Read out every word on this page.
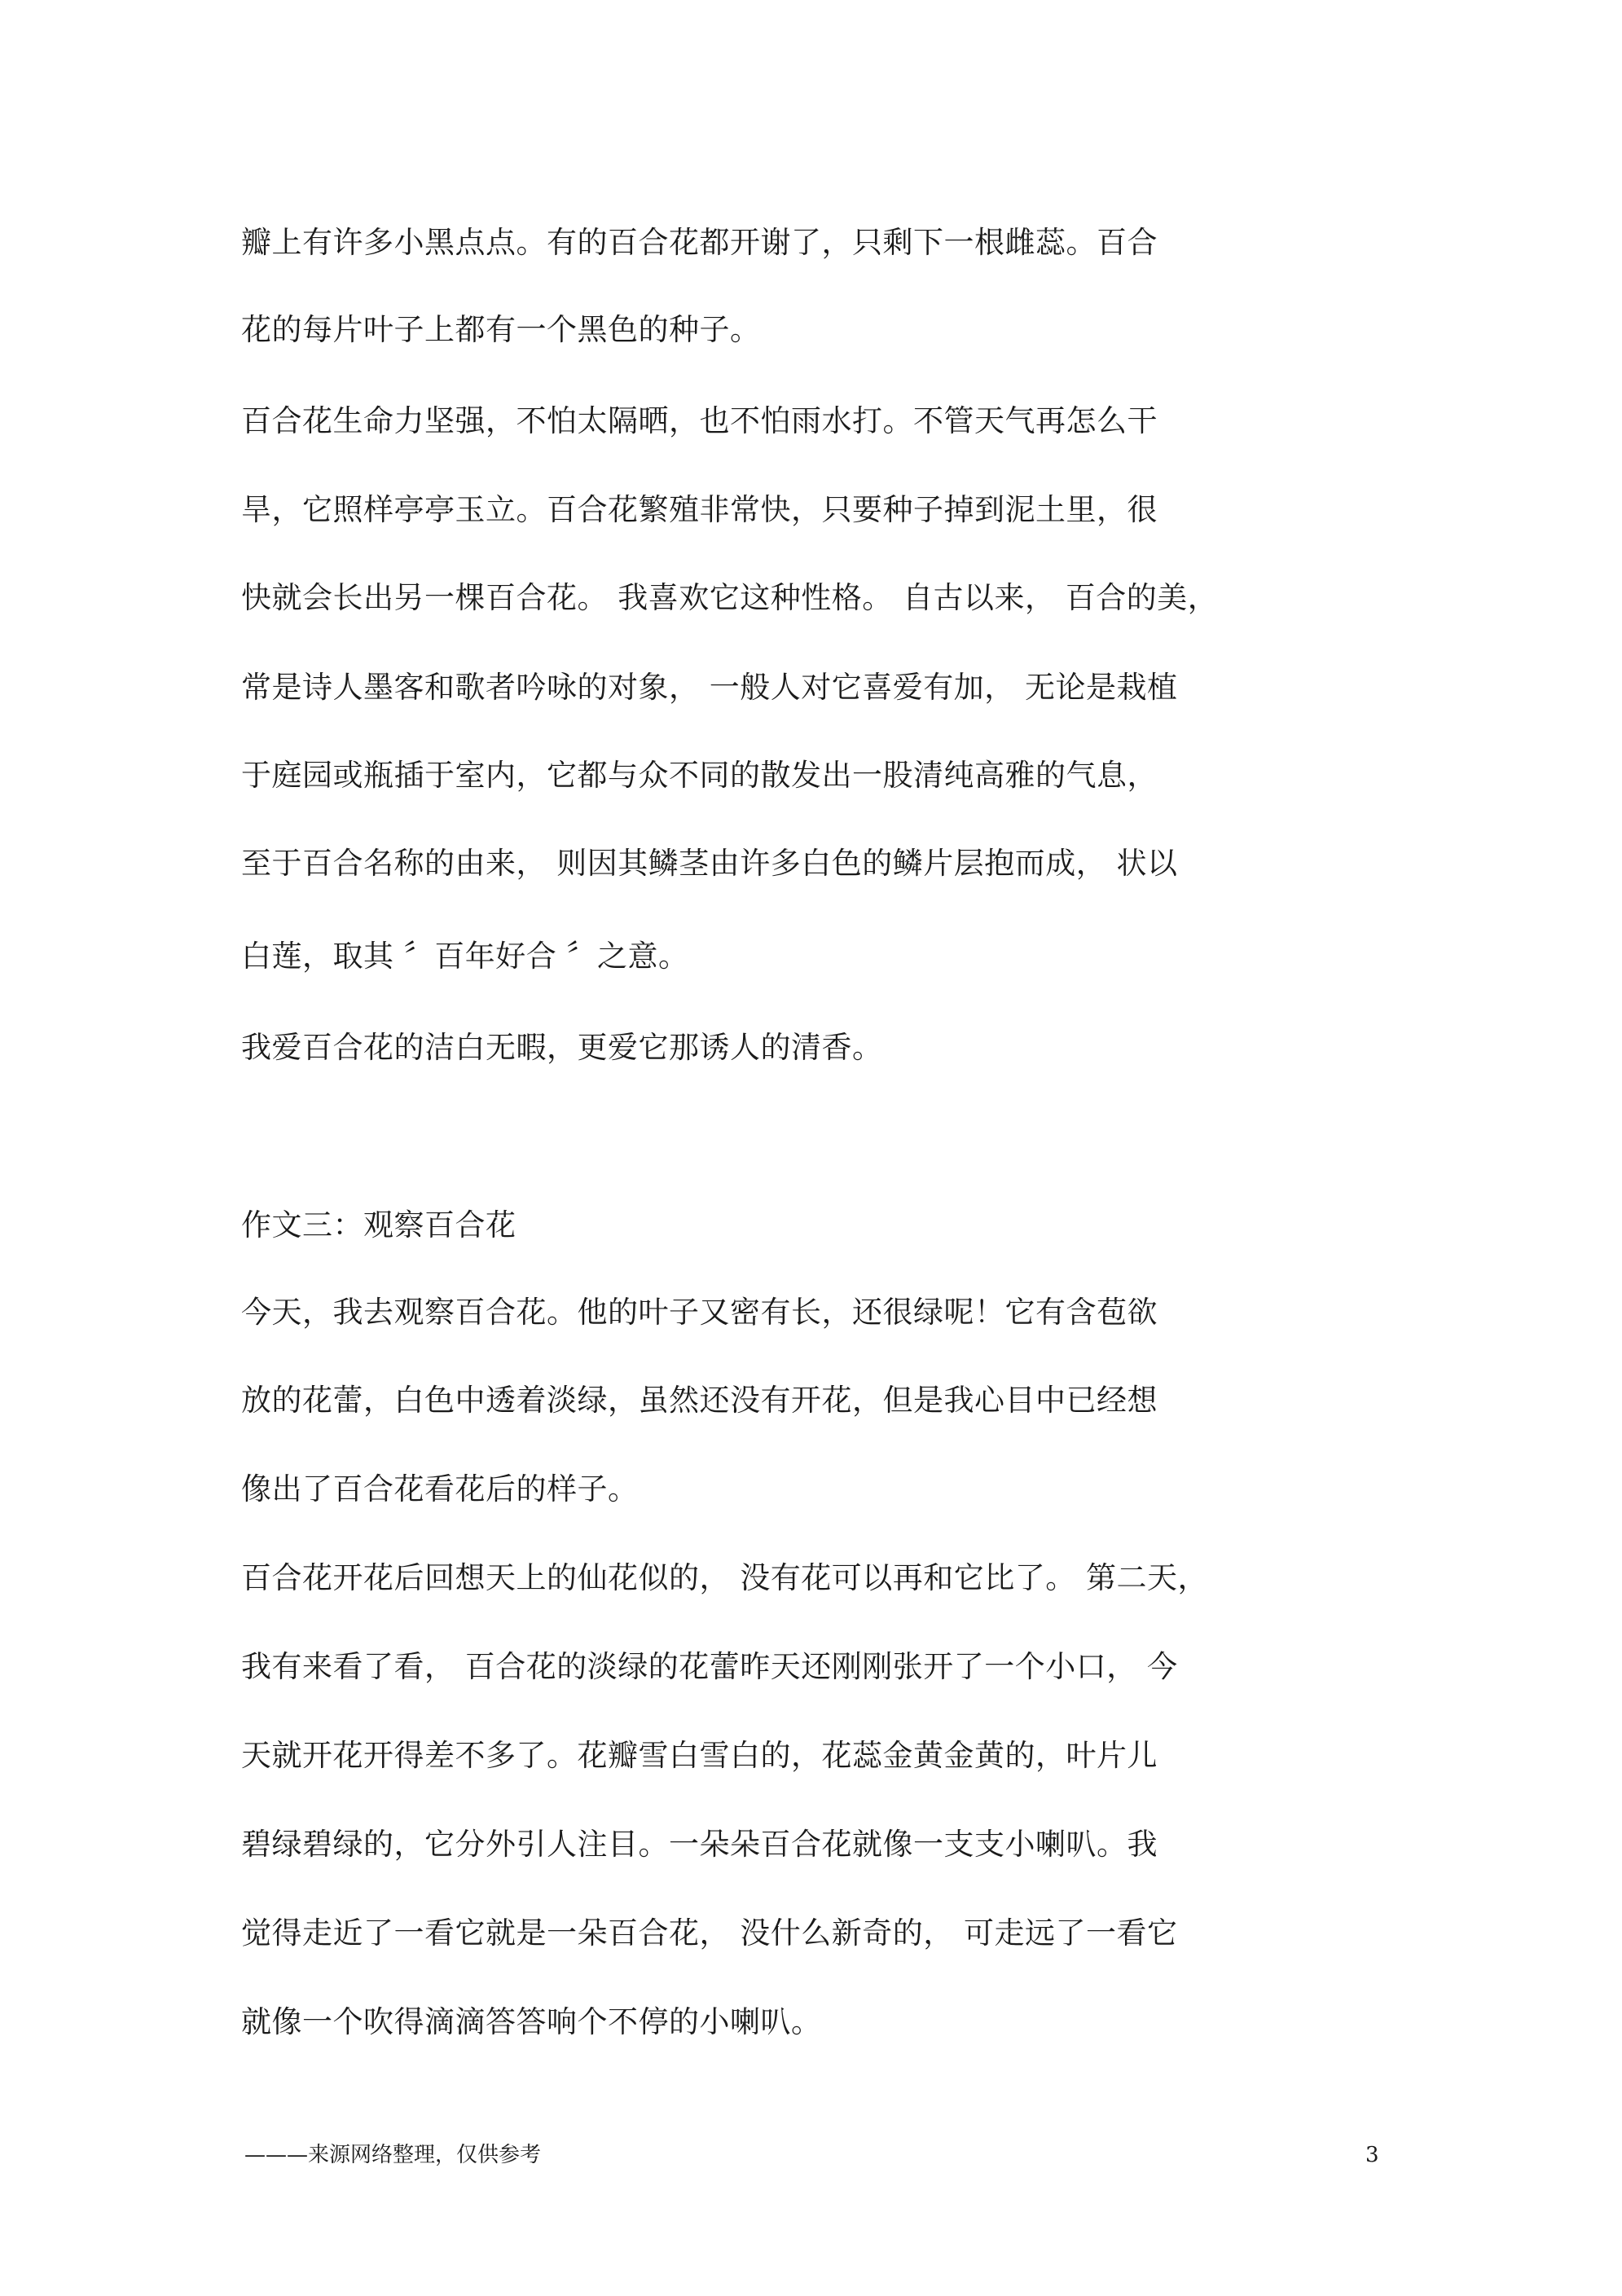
瓣上有许多小黑点点。有的百合花都开谢了，只剩下一根雌蕊。百合
花的每片叶子上都有一个黑色的种子。
百合花生命力坚强，不怕太隔晒，也不怕雨水打。不管天气再怎么干
旱，它照样亭亭玉立。百合花繁殖非常快，只要种子掉到泥土里，很
快就会长出另一棵百合花。 我喜欢它这种性格。 自古以来， 百合的美，
常是诗人墨客和歌者吟咏的对象， 一般人对它喜爱有加， 无论是栽植
于庭园或瓶插于室内，它都与众不同的散发出一股清纯高雅的气息，
至于百合名称的由来， 则因其鳞茎由许多白色的鳞片层抱而成， 状以
白莲，取其 〞百年好合 〞之意。
我爱百合花的洁白无暇，更爱它那诱人的清香。
作文三：观察百合花
今天，我去观察百合花。他的叶子又密有长，还很绿呢！它有含苞欲
放的花蕾，白色中透着淡绿，虽然还没有开花，但是我心目中已经想
像出了百合花看花后的样子。
百合花开花后回想天上的仙花似的， 没有花可以再和它比了。 第二天，
我有来看了看， 百合花的淡绿的花蕾昨天还刚刚张开了一个小口， 今
天就开花开得差不多了。花瓣雪白雪白的，花蕊金黄金黄的，叶片儿
碧绿碧绿的，它分外引人注目。一朵朵百合花就像一支支小喇叭。我
觉得走近了一看它就是一朵百合花， 没什么新奇的， 可走远了一看它
就像一个吹得滴滴答答响个不停的小喇叭。
———来源网络整理，仅供参考	3
